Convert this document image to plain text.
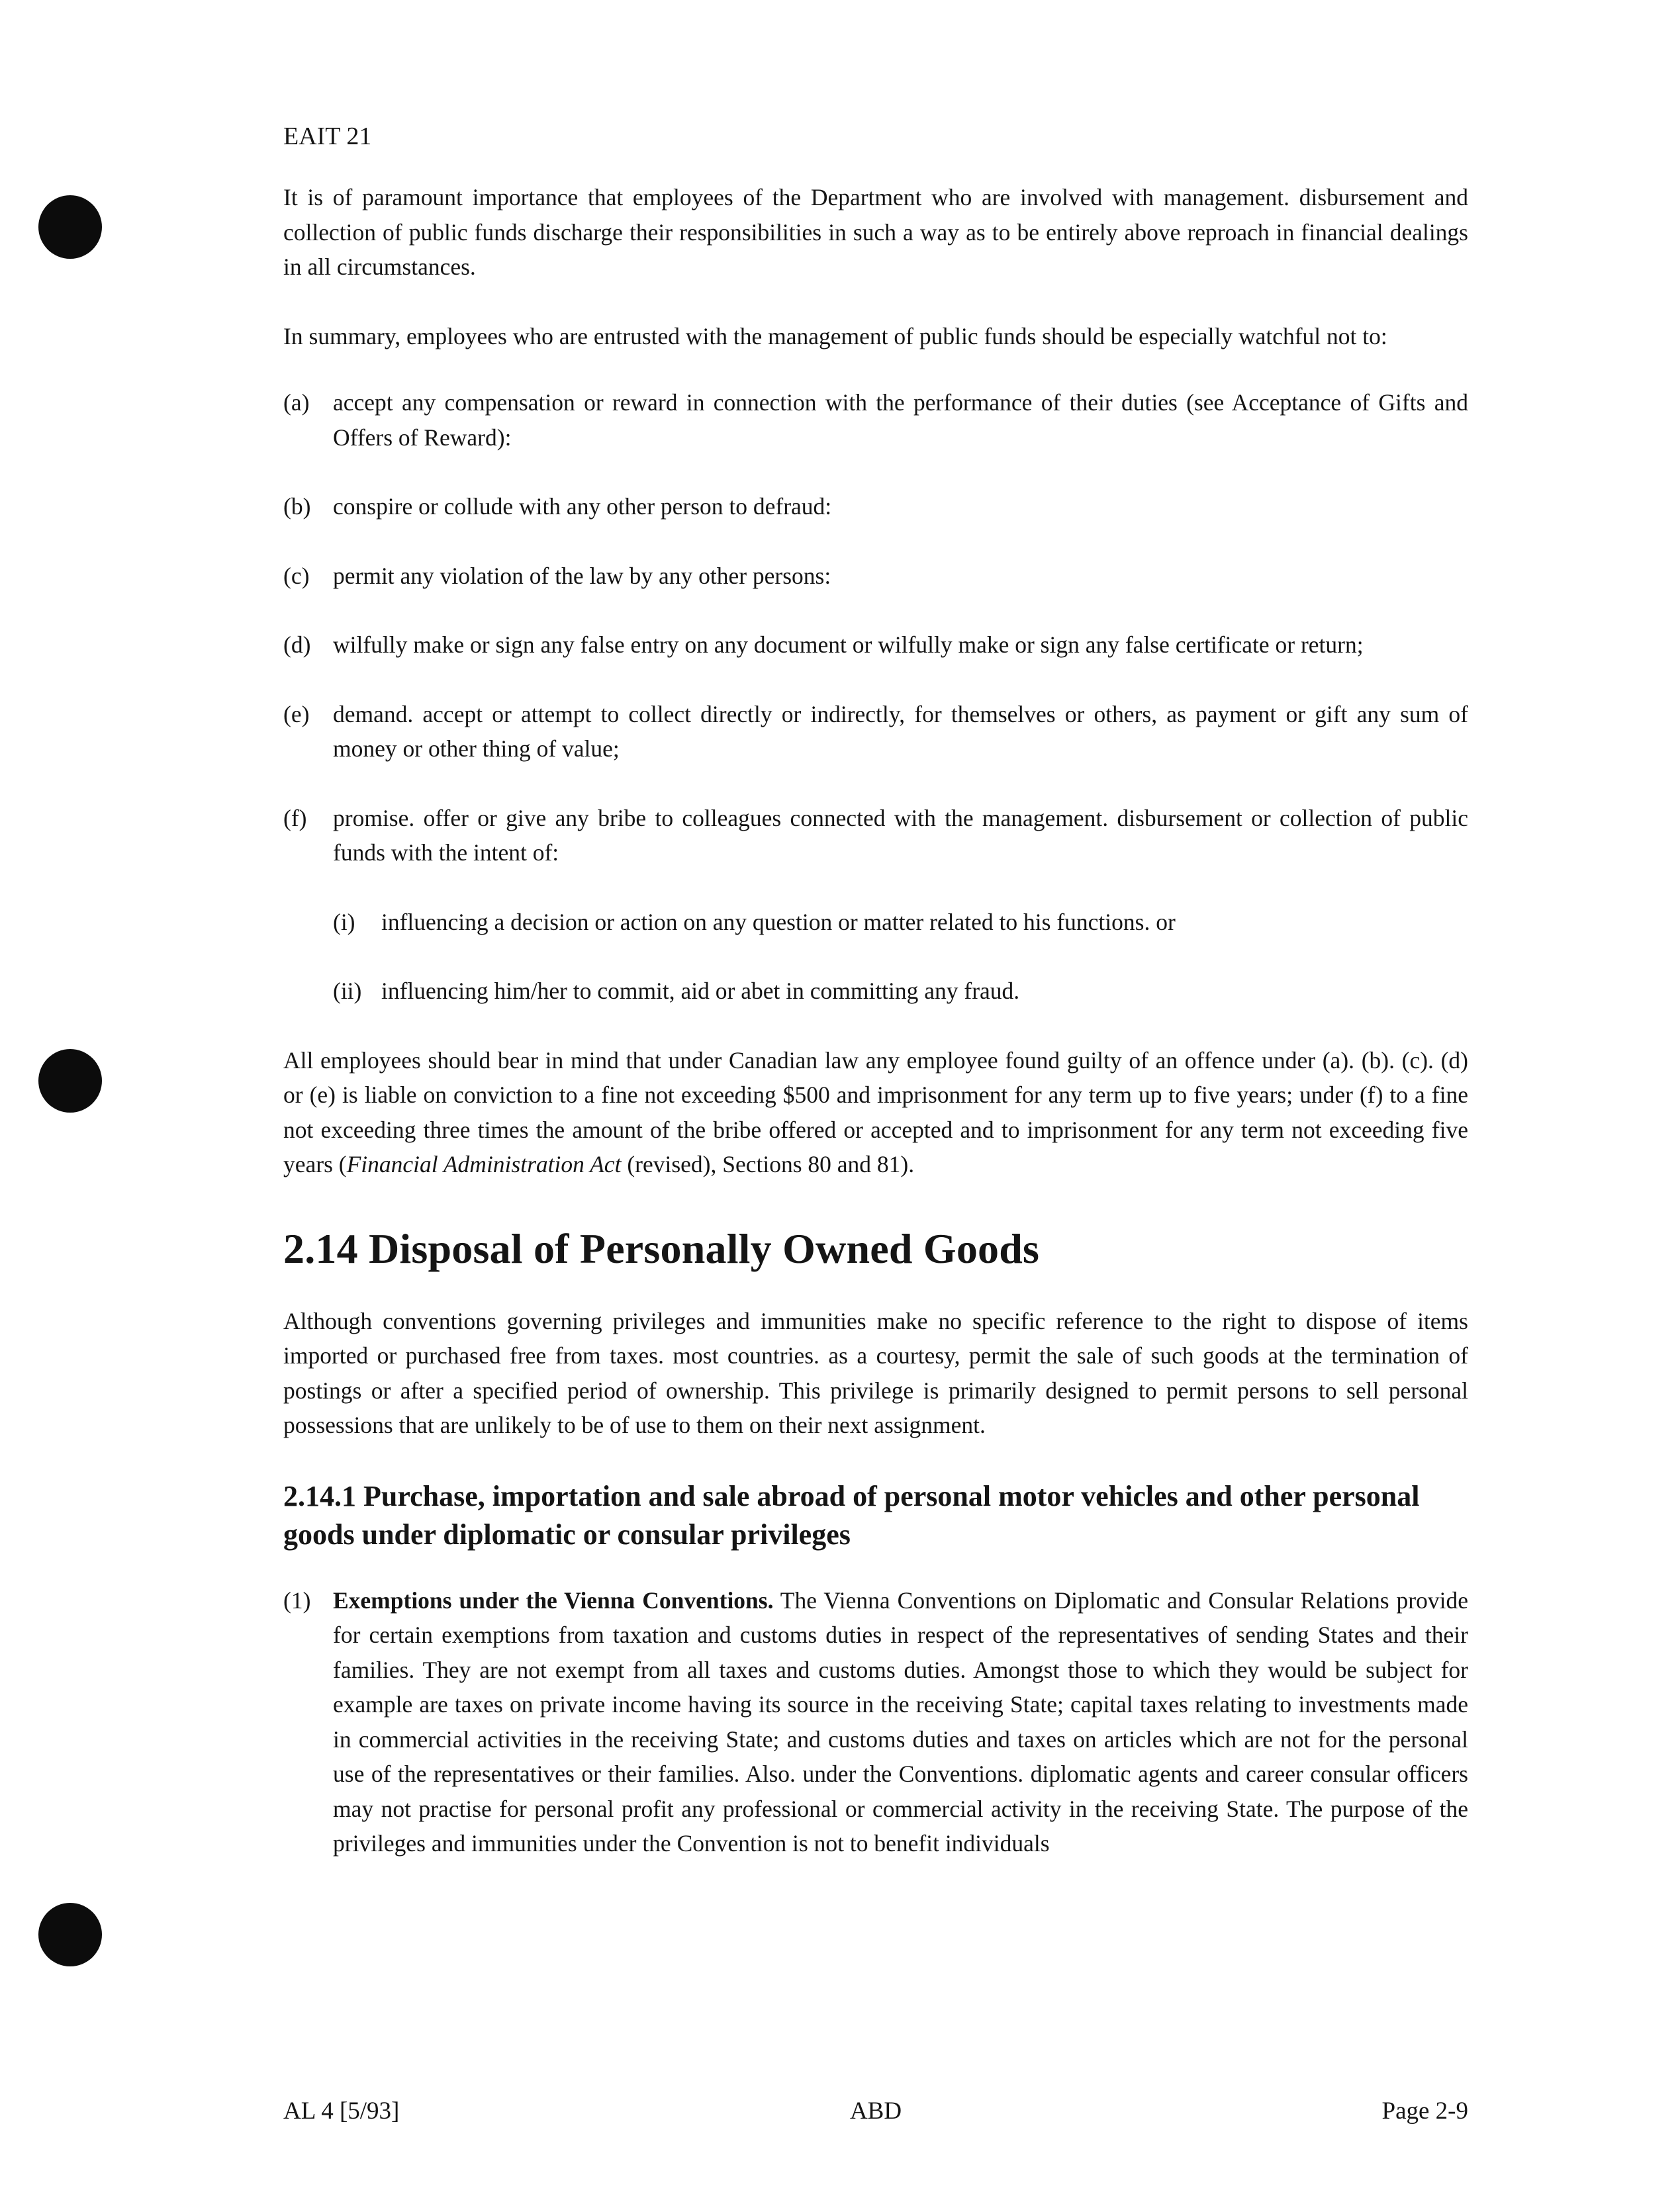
EAIT 21

It is of paramount importance that employees of the Department who are involved with management. disbursement and collection of public funds discharge their responsibilities in such a way as to be entirely above reproach in financial dealings in all circumstances.

In summary, employees who are entrusted with the management of public funds should be especially watchful not to:

(a) accept any compensation or reward in connection with the performance of their duties (see Acceptance of Gifts and Offers of Reward):
(b) conspire or collude with any other person to defraud:
(c) permit any violation of the law by any other persons:
(d) wilfully make or sign any false entry on any document or wilfully make or sign any false certificate or return;
(e) demand. accept or attempt to collect directly or indirectly, for themselves or others, as payment or gift any sum of money or other thing of value;
(f) promise. offer or give any bribe to colleagues connected with the management. disbursement or collection of public funds with the intent of:
(i) influencing a decision or action on any question or matter related to his functions. or
(ii) influencing him/her to commit, aid or abet in committing any fraud.

All employees should bear in mind that under Canadian law any employee found guilty of an offence under (a). (b). (c). (d) or (e) is liable on conviction to a fine not exceeding $500 and imprisonment for any term up to five years; under (f) to a fine not exceeding three times the amount of the bribe offered or accepted and to imprisonment for any term not exceeding five years (Financial Administration Act (revised), Sections 80 and 81).

2.14 Disposal of Personally Owned Goods

Although conventions governing privileges and immunities make no specific reference to the right to dispose of items imported or purchased free from taxes. most countries. as a courtesy, permit the sale of such goods at the termination of postings or after a specified period of ownership. This privilege is primarily designed to permit persons to sell personal possessions that are unlikely to be of use to them on their next assignment.

2.14.1 Purchase, importation and sale abroad of personal motor vehicles and other personal goods under diplomatic or consular privileges
(1) Exemptions under the Vienna Conventions. The Vienna Conventions on Diplomatic and Consular Relations provide for certain exemptions from taxation and customs duties in respect of the representatives of sending States and their families. They are not exempt from all taxes and customs duties. Amongst those to which they would be subject for example are taxes on private income having its source in the receiving State; capital taxes relating to investments made in commercial activities in the receiving State; and customs duties and taxes on articles which are not for the personal use of the representatives or their families. Also. under the Conventions. diplomatic agents and career consular officers may not practise for personal profit any professional or commercial activity in the receiving State. The purpose of the privileges and immunities under the Convention is not to benefit individuals
AL 4 [5/93]	ABD	Page 2-9
